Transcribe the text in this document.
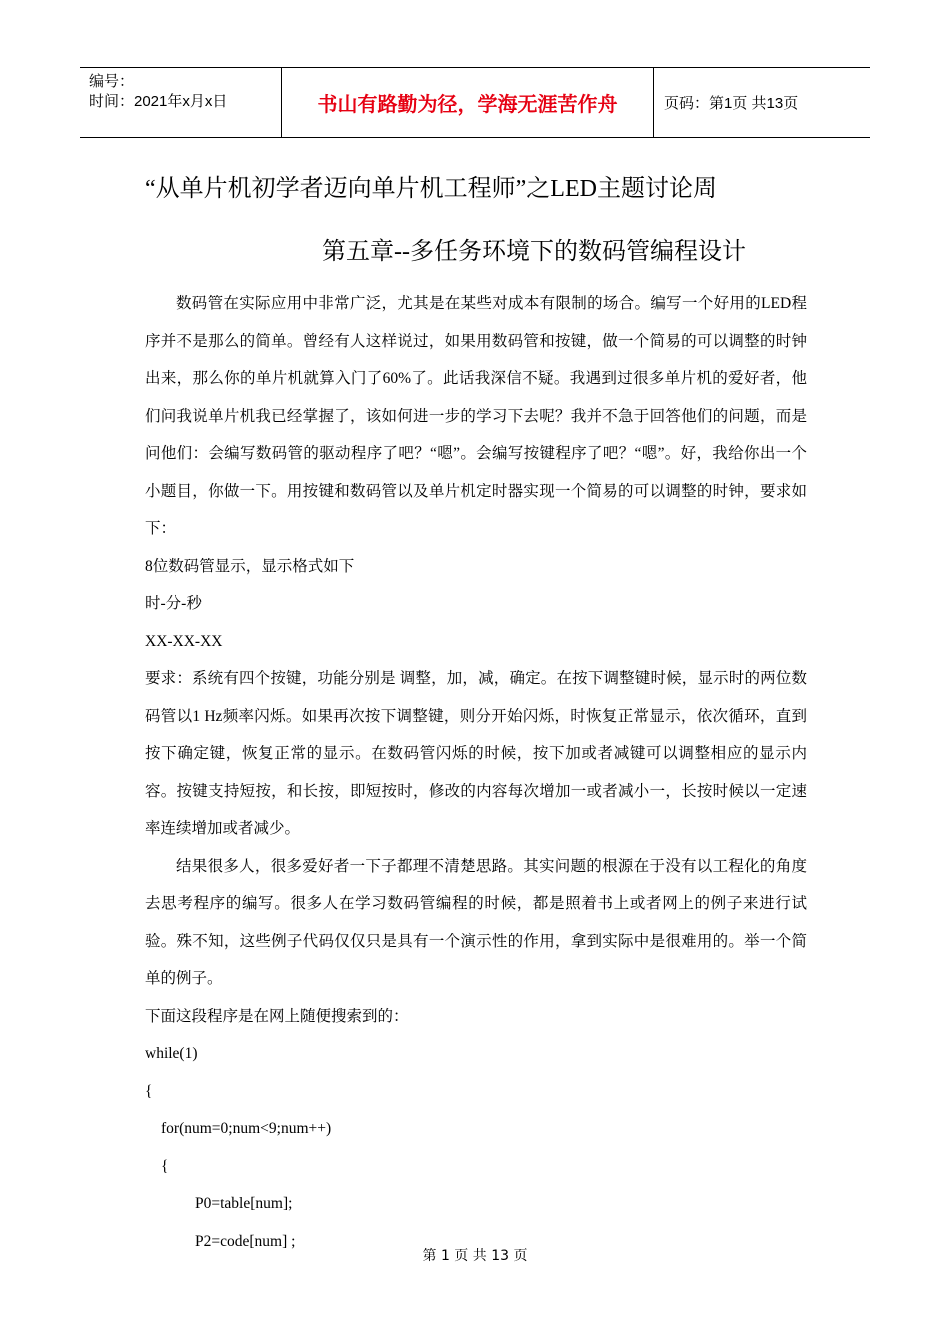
编号：
时间：2021年x月x日	书山有路勤为径，学海无涯苦作舟	页码：第1页 共13页
“从单片机初学者迈向单片机工程师”之LED主题讨论周
第五章--多任务环境下的数码管编程设计

数码管在实际应用中非常广泛，尤其是在某些对成本有限制的场合。编写一个好用的LED程序并不是那么的简单。曾经有人这样说过，如果用数码管和按键，做一个简易的可以调整的时钟出来，那么你的单片机就算入门了60%了。此话我深信不疑。我遇到过很多单片机的爱好者，他们问我说单片机我已经掌握了，该如何进一步的学习下去呢？我并不急于回答他们的问题，而是问他们：会编写数码管的驱动程序了吧？“嗯”。会编写按键程序了吧？“嗯”。好，我给你出一个小题目，你做一下。用按键和数码管以及单片机定时器实现一个简易的可以调整的时钟，要求如下：

8位数码管显示，显示格式如下

时-分-秒

XX-XX-XX

要求：系统有四个按键，功能分别是 调整，加，减，确定。在按下调整键时候，显示时的两位数码管以1 Hz频率闪烁。如果再次按下调整键，则分开始闪烁，时恢复正常显示，依次循环，直到按下确定键，恢复正常的显示。在数码管闪烁的时候，按下加或者减键可以调整相应的显示内容。按键支持短按，和长按，即短按时，修改的内容每次增加一或者减小一，长按时候以一定速率连续增加或者减少。

结果很多人，很多爱好者一下子都理不清楚思路。其实问题的根源在于没有以工程化的角度去思考程序的编写。很多人在学习数码管编程的时候，都是照着书上或者网上的例子来进行试验。殊不知，这些例子代码仅仅只是具有一个演示性的作用，拿到实际中是很难用的。举一个简单的例子。

下面这段程序是在网上随便搜索到的：

while(1)

{

for(num=0;num<9;num++)

{

P0=table[num];

P2=code[num] ;

第 1 页 共 13 页
